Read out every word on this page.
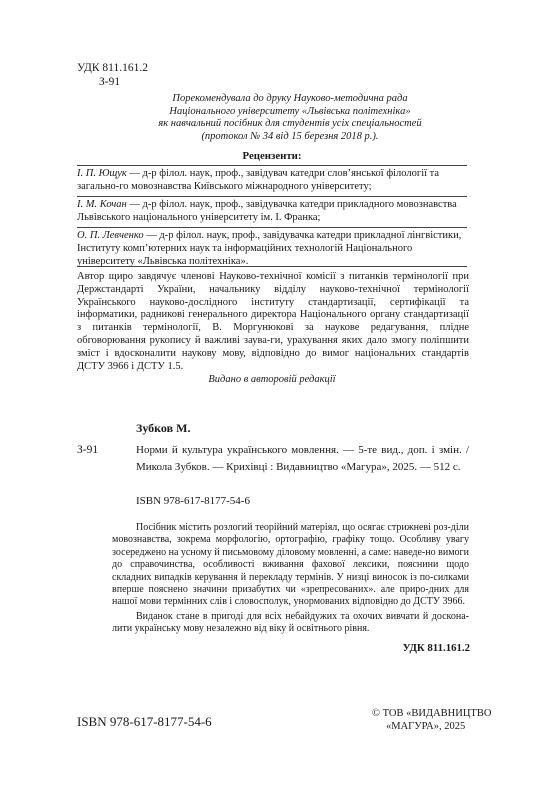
УДК 811.161.2
З-91
Порекомендувала до друку Науково-методична рада
Національного університету «Львівська політехніка»
як навчальний посібник для студентів усіх спеціальностей
(протокол № 34 від 15 березня 2018 р.).
Рецензенти:
І. П. Ющук — д-р філол. наук, проф., завідувач катедри слов’янської філології та загально-го мовознавства Київського міжнародного університету;
І. М. Кочан — д-р філол. наук, проф., завідувачка катедри прикладного мовознавства Львівського національного університету ім. І. Франка;
О. П. Левченко — д-р філол. наук, проф., завідувачка катедри прикладної лінгвістики, Інституту комп’ютерних наук та інформаційних технологій Національного університету «Львівська політехніка».
Автор щиро завдячує членові Науково-технічної комісії з питанків термінології при Держстандарті України, начальнику відділу науково-технічної термінології Українського науково-дослідного інституту стандартизації, сертифікації та інформатики, радникові генерального директора Національного органу стандартизації з питанків термінології, В. Моргунюкові за наукове редагування, плідне обговорювання рукопису й важливі заува-ги, урахування яких дало змогу поліпшити зміст і вдосконалити наукову мову, відповідно до вимог національних стандартів ДСТУ 3966 і ДСТУ 1.5.
Видано в авторовій редакції
Зубков М.
З-91	Норми й культура українського мовлення. — 5-те вид., доп. і змін. / Микола Зубков. — Крихівці : Видавництво «Магура», 2025. — 512 с.
ISBN 978-617-8177-54-6

Посібник містить розлогий теорійний матеріял, що осягає стрижневі роз-діли мовознавства, зокрема морфологію, ортографію, графіку тощо. Особливу увагу зосереджено на усному й письмовому діловому мовленні, а саме: наведе-но вимоги до справочинства, особливості вживання фахової лексики, пояснини щодо складних випадків керування й перекладу термінів. У низці виносок із по-силками вперше пояснено значини призабутих чи «зрепресованих». але приро-дних для нашої мови термінних слів і словосполук, унормованих відповідно до ДСТУ 3966.

Виданок стане в пригоді для всіх небайдужих та охочих вивчати й доскона-лити українську мову незалежно від віку й освітнього рівня.

УДК 811.161.2
ISBN 978-617-8177-54-6
© ТОВ «ВИДАВНИЦТВО
«МАГУРА», 2025
